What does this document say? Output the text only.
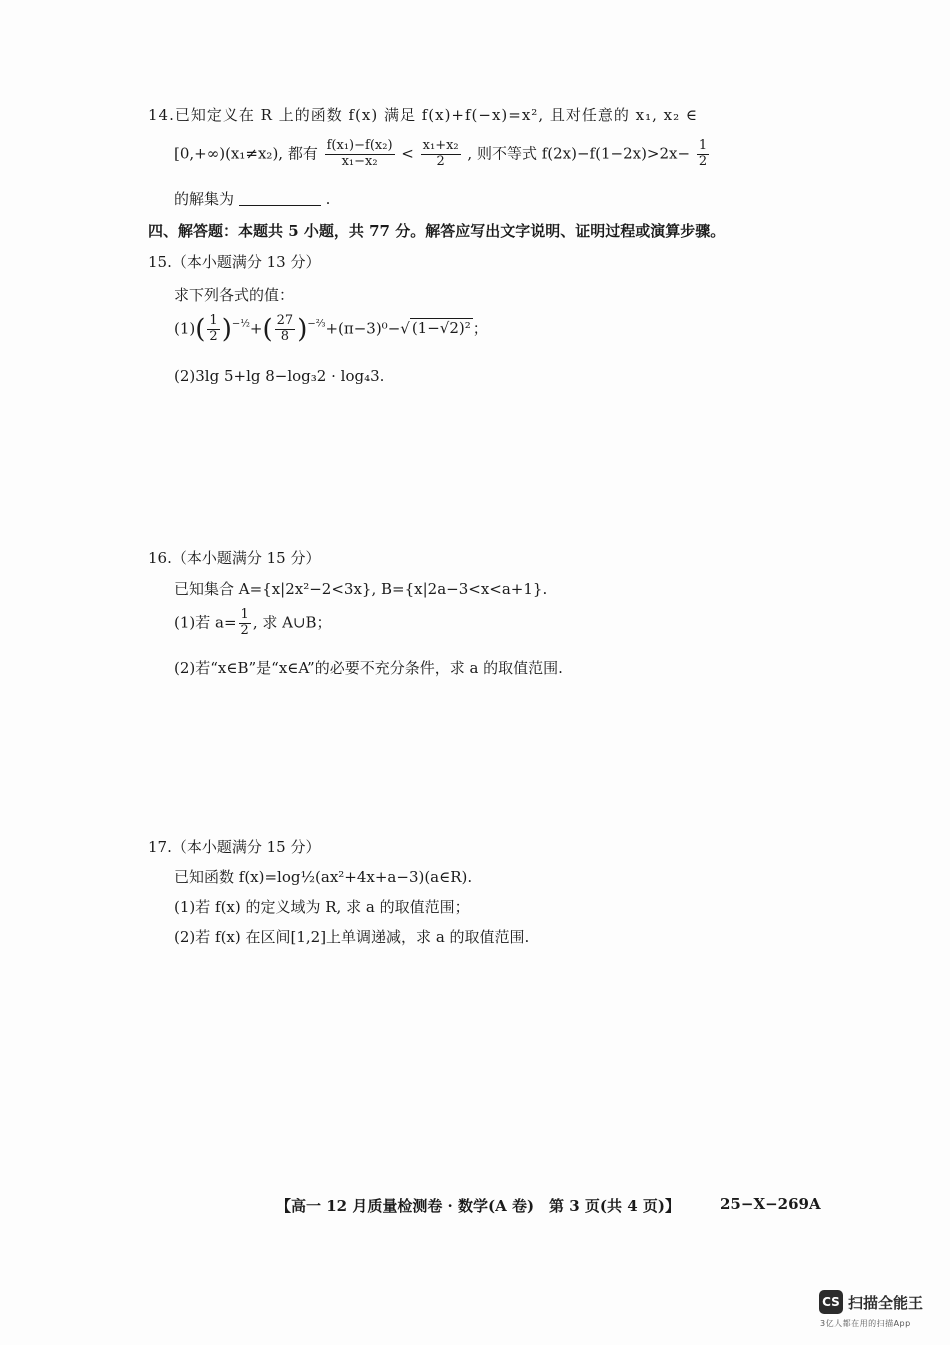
14.已知定义在 R 上的函数 f(x) 满足 f(x)+f(−x)=x², 且对任意的 x₁, x₂ ∈
[0,+∞)(x₁≠x₂), 都有 $\frac{\text{f(x₁)−f(x₂)}}{\text{x₁−x₂}} < \frac{\text{x₁+x₂}}{2}$ , 则不等式 $f(2x)-f(1-2x)>2x- \frac{1}{2}$
的解集为	.
四、解答题：本题共 5 小题，共 77 分。解答应写出文字说明、证明过程或演算步骤。
15.（本小题满分 13 分）
求下列各式的值：
$(1)( \frac{1}{2} )^{-\frac{1}{2}}+( \frac{27}{8} )^{-\frac{2}{3}}+(\pi-3)^0-√$ (1−√2)² ；
(2)3lg 5+lg 8−log₃2 · log₄3.
16.（本小题满分 15 分）
已知集合 A={x|2x²−2<3x}, B={x|2a−3<x<a+1}.
(1)若 $a= \frac{1}{2}$ , 求 A∪B；
(2)若“x∈B”是“x∈A”的必要不充分条件，求 a 的取值范围.
17.（本小题满分 15 分）
已知函数 f(x)=log½(ax²+4x+a−3)(a∈R).
(1)若 f(x) 的定义域为 R, 求 a 的取值范围；
(2)若 f(x) 在区间[1,2]上单调递减，求 a 的取值范围.
【高一 12 月质量检测卷 · 数学(A 卷)　第 3 页(共 4 页)】	25−X−269A
CS 扫描全能王
3亿人都在用的扫描App
